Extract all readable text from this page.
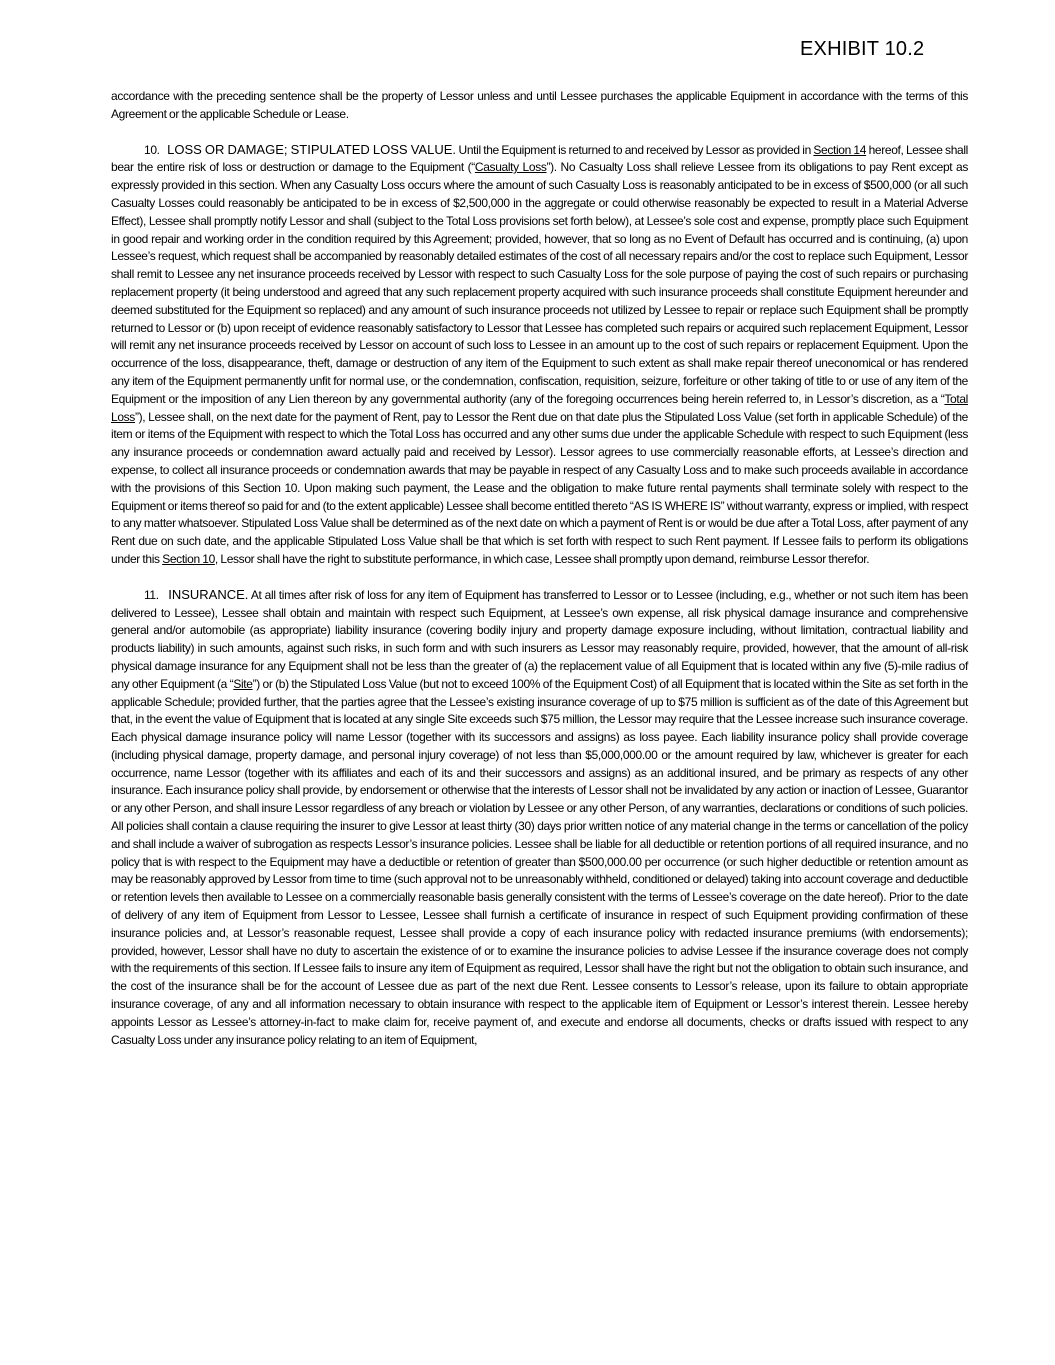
EXHIBIT 10.2

accordance with the preceding sentence shall be the property of Lessor unless and until Lessee purchases the applicable Equipment in accordance with the terms of this Agreement or the applicable Schedule or Lease.

10. LOSS OR DAMAGE; STIPULATED LOSS VALUE. Until the Equipment is returned to and received by Lessor as provided in Section 14 hereof, Lessee shall bear the entire risk of loss or destruction or damage to the Equipment (“Casualty Loss”). No Casualty Loss shall relieve Lessee from its obligations to pay Rent except as expressly provided in this section. When any Casualty Loss occurs where the amount of such Casualty Loss is reasonably anticipated to be in excess of $500,000 (or all such Casualty Losses could reasonably be anticipated to be in excess of $2,500,000 in the aggregate or could otherwise reasonably be expected to result in a Material Adverse Effect), Lessee shall promptly notify Lessor and shall (subject to the Total Loss provisions set forth below), at Lessee’s sole cost and expense, promptly place such Equipment in good repair and working order in the condition required by this Agreement; provided, however, that so long as no Event of Default has occurred and is continuing, (a) upon Lessee’s request, which request shall be accompanied by reasonably detailed estimates of the cost of all necessary repairs and/or the cost to replace such Equipment, Lessor shall remit to Lessee any net insurance proceeds received by Lessor with respect to such Casualty Loss for the sole purpose of paying the cost of such repairs or purchasing replacement property (it being understood and agreed that any such replacement property acquired with such insurance proceeds shall constitute Equipment hereunder and deemed substituted for the Equipment so replaced) and any amount of such insurance proceeds not utilized by Lessee to repair or replace such Equipment shall be promptly returned to Lessor or (b) upon receipt of evidence reasonably satisfactory to Lessor that Lessee has completed such repairs or acquired such replacement Equipment, Lessor will remit any net insurance proceeds received by Lessor on account of such loss to Lessee in an amount up to the cost of such repairs or replacement Equipment. Upon the occurrence of the loss, disappearance, theft, damage or destruction of any item of the Equipment to such extent as shall make repair thereof uneconomical or has rendered any item of the Equipment permanently unfit for normal use, or the condemnation, confiscation, requisition, seizure, forfeiture or other taking of title to or use of any item of the Equipment or the imposition of any Lien thereon by any governmental authority (any of the foregoing occurrences being herein referred to, in Lessor’s discretion, as a “Total Loss”), Lessee shall, on the next date for the payment of Rent, pay to Lessor the Rent due on that date plus the Stipulated Loss Value (set forth in applicable Schedule) of the item or items of the Equipment with respect to which the Total Loss has occurred and any other sums due under the applicable Schedule with respect to such Equipment (less any insurance proceeds or condemnation award actually paid and received by Lessor). Lessor agrees to use commercially reasonable efforts, at Lessee’s direction and expense, to collect all insurance proceeds or condemnation awards that may be payable in respect of any Casualty Loss and to make such proceeds available in accordance with the provisions of this Section 10. Upon making such payment, the Lease and the obligation to make future rental payments shall terminate solely with respect to the Equipment or items thereof so paid for and (to the extent applicable) Lessee shall become entitled thereto “AS IS WHERE IS” without warranty, express or implied, with respect to any matter whatsoever. Stipulated Loss Value shall be determined as of the next date on which a payment of Rent is or would be due after a Total Loss, after payment of any Rent due on such date, and the applicable Stipulated Loss Value shall be that which is set forth with respect to such Rent payment. If Lessee fails to perform its obligations under this Section 10, Lessor shall have the right to substitute performance, in which case, Lessee shall promptly upon demand, reimburse Lessor therefor.

11. INSURANCE. At all times after risk of loss for any item of Equipment has transferred to Lessor or to Lessee (including, e.g., whether or not such item has been delivered to Lessee), Lessee shall obtain and maintain with respect such Equipment, at Lessee’s own expense, all risk physical damage insurance and comprehensive general and/or automobile (as appropriate) liability insurance (covering bodily injury and property damage exposure including, without limitation, contractual liability and products liability) in such amounts, against such risks, in such form and with such insurers as Lessor may reasonably require, provided, however, that the amount of all-risk physical damage insurance for any Equipment shall not be less than the greater of (a) the replacement value of all Equipment that is located within any five (5)-mile radius of any other Equipment (a “Site”) or (b) the Stipulated Loss Value (but not to exceed 100% of the Equipment Cost) of all Equipment that is located within the Site as set forth in the applicable Schedule; provided further, that the parties agree that the Lessee’s existing insurance coverage of up to $75 million is sufficient as of the date of this Agreement but that, in the event the value of Equipment that is located at any single Site exceeds such $75 million, the Lessor may require that the Lessee increase such insurance coverage. Each physical damage insurance policy will name Lessor (together with its successors and assigns) as loss payee. Each liability insurance policy shall provide coverage (including physical damage, property damage, and personal injury coverage) of not less than $5,000,000.00 or the amount required by law, whichever is greater for each occurrence, name Lessor (together with its affiliates and each of its and their successors and assigns) as an additional insured, and be primary as respects of any other insurance. Each insurance policy shall provide, by endorsement or otherwise that the interests of Lessor shall not be invalidated by any action or inaction of Lessee, Guarantor or any other Person, and shall insure Lessor regardless of any breach or violation by Lessee or any other Person, of any warranties, declarations or conditions of such policies. All policies shall contain a clause requiring the insurer to give Lessor at least thirty (30) days prior written notice of any material change in the terms or cancellation of the policy and shall include a waiver of subrogation as respects Lessor’s insurance policies. Lessee shall be liable for all deductible or retention portions of all required insurance, and no policy that is with respect to the Equipment may have a deductible or retention of greater than $500,000.00 per occurrence (or such higher deductible or retention amount as may be reasonably approved by Lessor from time to time (such approval not to be unreasonably withheld, conditioned or delayed) taking into account coverage and deductible or retention levels then available to Lessee on a commercially reasonable basis generally consistent with the terms of Lessee’s coverage on the date hereof). Prior to the date of delivery of any item of Equipment from Lessor to Lessee, Lessee shall furnish a certificate of insurance in respect of such Equipment providing confirmation of these insurance policies and, at Lessor’s reasonable request, Lessee shall provide a copy of each insurance policy with redacted insurance premiums (with endorsements); provided, however, Lessor shall have no duty to ascertain the existence of or to examine the insurance policies to advise Lessee if the insurance coverage does not comply with the requirements of this section. If Lessee fails to insure any item of Equipment as required, Lessor shall have the right but not the obligation to obtain such insurance, and the cost of the insurance shall be for the account of Lessee due as part of the next due Rent. Lessee consents to Lessor’s release, upon its failure to obtain appropriate insurance coverage, of any and all information necessary to obtain insurance with respect to the applicable item of Equipment or Lessor’s interest therein. Lessee hereby appoints Lessor as Lessee’s attorney-in-fact to make claim for, receive payment of, and execute and endorse all documents, checks or drafts issued with respect to any Casualty Loss under any insurance policy relating to an item of Equipment,
